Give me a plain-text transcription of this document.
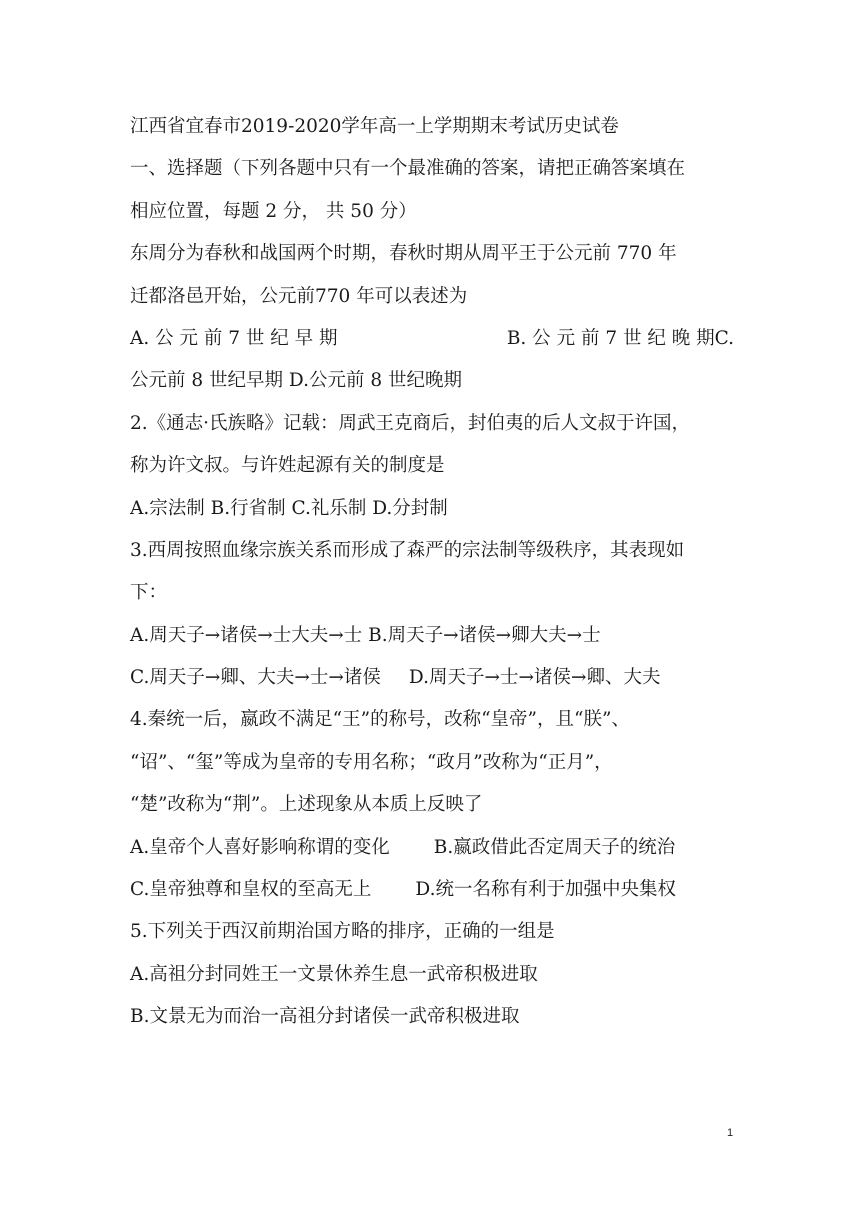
江西省宜春市2019-2020学年高一上学期期末考试历史试卷
一、选择题（下列各题中只有一个最准确的答案，请把正确答案填在
相应位置，每题 2 分， 共 50 分）
东周分为春秋和战国两个时期，春秋时期从周平王于公元前 770 年
迁都洛邑开始，公元前770 年可以表述为
A. 公 元 前 7 世 纪 早 期	B. 公 元 前 7 世 纪 晚 期C.
公元前 8 世纪早期 D.公元前 8 世纪晚期
2.《通志·氏族略》记载：周武王克商后，封伯夷的后人文叔于许国，
称为许文叔。与许姓起源有关的制度是
A.宗法制 B.行省制 C.礼乐制 D.分封制
3.西周按照血缘宗族关系而形成了森严的宗法制等级秩序，其表现如
下：
A.周天子→诸侯→士大夫→士 B.周天子→诸侯→卿大夫→士
C.周天子→卿、大夫→士→诸侯 D.周天子→士→诸侯→卿、大夫
4.秦统一后，嬴政不满足“王”的称号，改称“皇帝”，且“朕”、
“诏”、“玺”等成为皇帝的专用名称；“政月”改称为“正月”，
“楚”改称为“荆”。上述现象从本质上反映了
A.皇帝个人喜好影响称谓的变化 B.嬴政借此否定周天子的统治
C.皇帝独尊和皇权的至高无上 D.统一名称有利于加强中央集权
5.下列关于西汉前期治国方略的排序，正确的一组是
A.高祖分封同姓王一文景休养生息一武帝积极进取
B.文景无为而治一高祖分封诸侯一武帝积极进取
1
